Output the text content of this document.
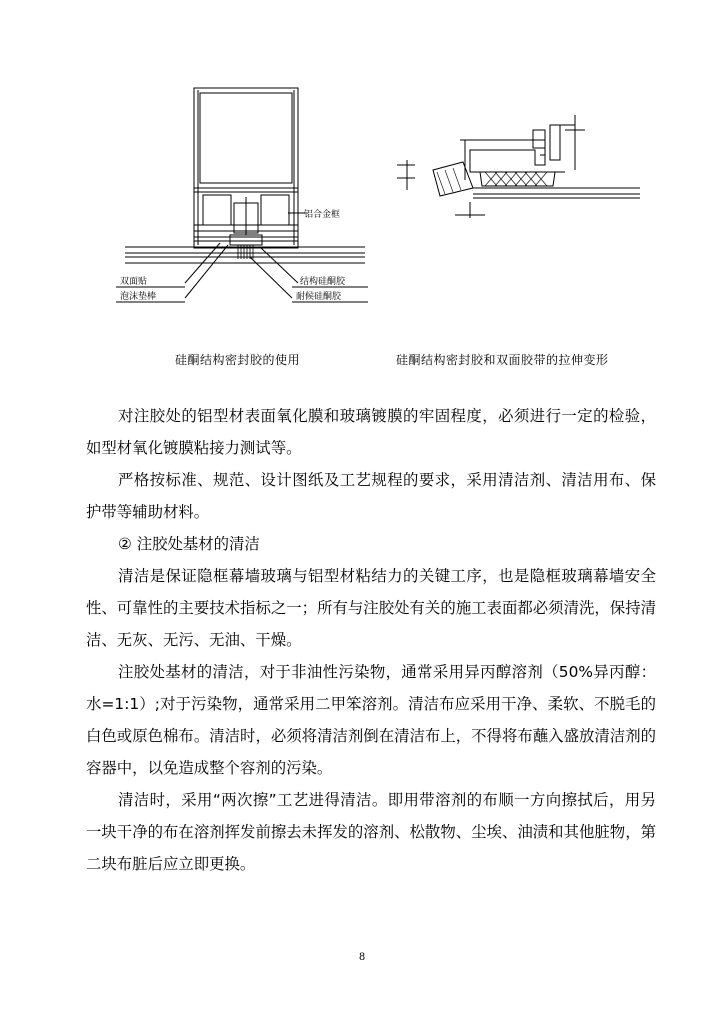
铝合金框
双面贴
泡沫垫棒
结构硅酮胶
耐候硅酮胶
硅酮结构密封胶的使用	硅酮结构密封胶和双面胶带的拉伸变形
对注胶处的铝型材表面氧化膜和玻璃镀膜的牢固程度，必须进行一定的检验，如型材氧化镀膜粘接力测试等。
严格按标准、规范、设计图纸及工艺规程的要求，采用清洁剂、清洁用布、保护带等辅助材料。
② 注胶处基材的清洁
清洁是保证隐框幕墙玻璃与铝型材粘结力的关键工序，也是隐框玻璃幕墙安全性、可靠性的主要技术指标之一；所有与注胶处有关的施工表面都必须清洗，保持清洁、无灰、无污、无油、干燥。
注胶处基材的清洁，对于非油性污染物，通常采用异丙醇溶剂（50%异丙醇：水=1:1）;对于污染物，通常采用二甲笨溶剂。清洁布应采用干净、柔软、不脱毛的白色或原色棉布。清洁时，必须将清洁剂倒在清洁布上，不得将布蘸入盛放清洁剂的容器中，以免造成整个容剂的污染。
清洁时，采用“两次擦”工艺进得清洁。即用带溶剂的布顺一方向擦拭后，用另一块干净的布在溶剂挥发前擦去未挥发的溶剂、松散物、尘埃、油渍和其他脏物，第二块布脏后应立即更换。
8
